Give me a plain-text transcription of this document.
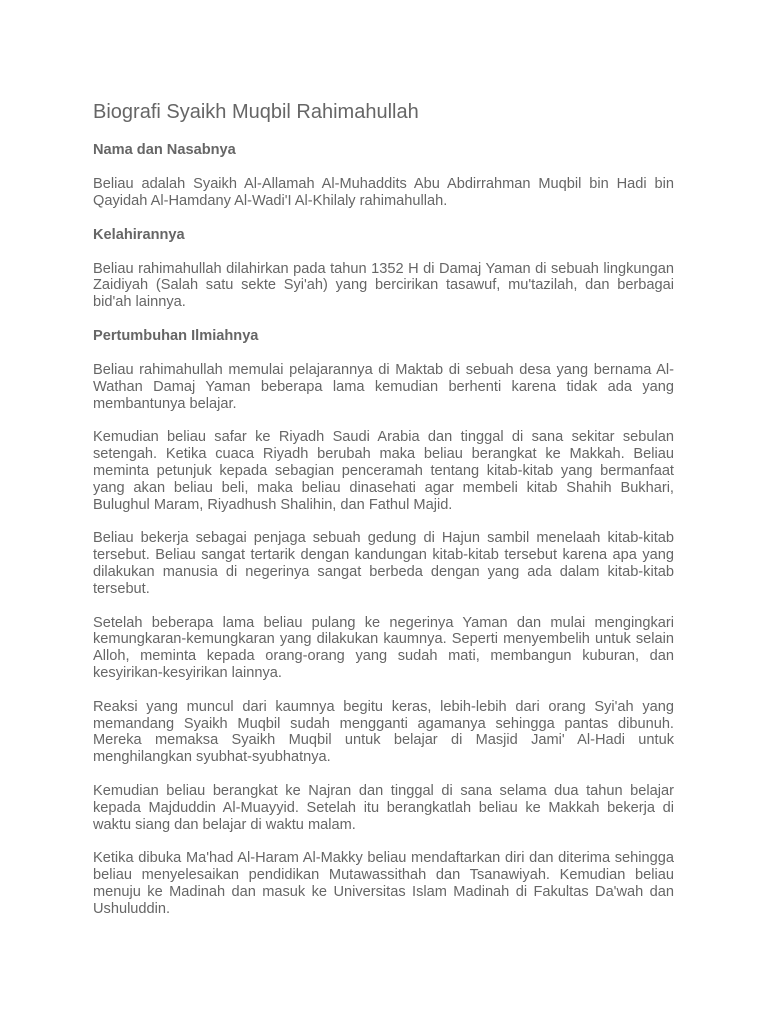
Biografi Syaikh Muqbil Rahimahullah

Nama dan Nasabnya

Beliau adalah Syaikh Al-Allamah Al-Muhaddits Abu Abdirrahman Muqbil bin Hadi bin Qayidah Al-Hamdany Al-Wadi'I Al-Khilaly rahimahullah.

Kelahirannya

Beliau rahimahullah dilahirkan pada tahun 1352 H di Damaj Yaman di sebuah lingkungan Zaidiyah (Salah satu sekte Syi'ah) yang bercirikan tasawuf, mu'tazilah, dan berbagai bid'ah lainnya.

Pertumbuhan Ilmiahnya

Beliau rahimahullah memulai pelajarannya di Maktab di sebuah desa yang bernama Al-Wathan Damaj Yaman beberapa lama kemudian berhenti karena tidak ada yang membantunya belajar.

Kemudian beliau safar ke Riyadh Saudi Arabia dan tinggal di sana sekitar sebulan setengah. Ketika cuaca Riyadh berubah maka beliau berangkat ke Makkah. Beliau meminta petunjuk kepada sebagian penceramah tentang kitab-kitab yang bermanfaat yang akan beliau beli, maka beliau dinasehati agar membeli kitab Shahih Bukhari, Bulughul Maram, Riyadhush Shalihin, dan Fathul Majid.

Beliau bekerja sebagai penjaga sebuah gedung di Hajun sambil menelaah kitab-kitab tersebut. Beliau sangat tertarik dengan kandungan kitab-kitab tersebut karena apa yang dilakukan manusia di negerinya sangat berbeda dengan yang ada dalam kitab-kitab tersebut.

Setelah beberapa lama beliau pulang ke negerinya Yaman dan mulai mengingkari kemungkaran-kemungkaran yang dilakukan kaumnya. Seperti menyembelih untuk selain Alloh, meminta kepada orang-orang yang sudah mati, membangun kuburan, dan kesyirikan-kesyirikan lainnya.

Reaksi yang muncul dari kaumnya begitu keras, lebih-lebih dari orang Syi'ah yang memandang Syaikh Muqbil sudah mengganti agamanya sehingga pantas dibunuh. Mereka memaksa Syaikh Muqbil untuk belajar di Masjid Jami' Al-Hadi untuk menghilangkan syubhat-syubhatnya.

Kemudian beliau berangkat ke Najran dan tinggal di sana selama dua tahun belajar kepada Majduddin Al-Muayyid. Setelah itu berangkatlah beliau ke Makkah bekerja di waktu siang dan belajar di waktu malam.

Ketika dibuka Ma'had Al-Haram Al-Makky beliau mendaftarkan diri dan diterima sehingga beliau menyelesaikan pendidikan Mutawassithah dan Tsanawiyah. Kemudian beliau menuju ke Madinah dan masuk ke Universitas Islam Madinah di Fakultas Da'wah dan Ushuluddin.
